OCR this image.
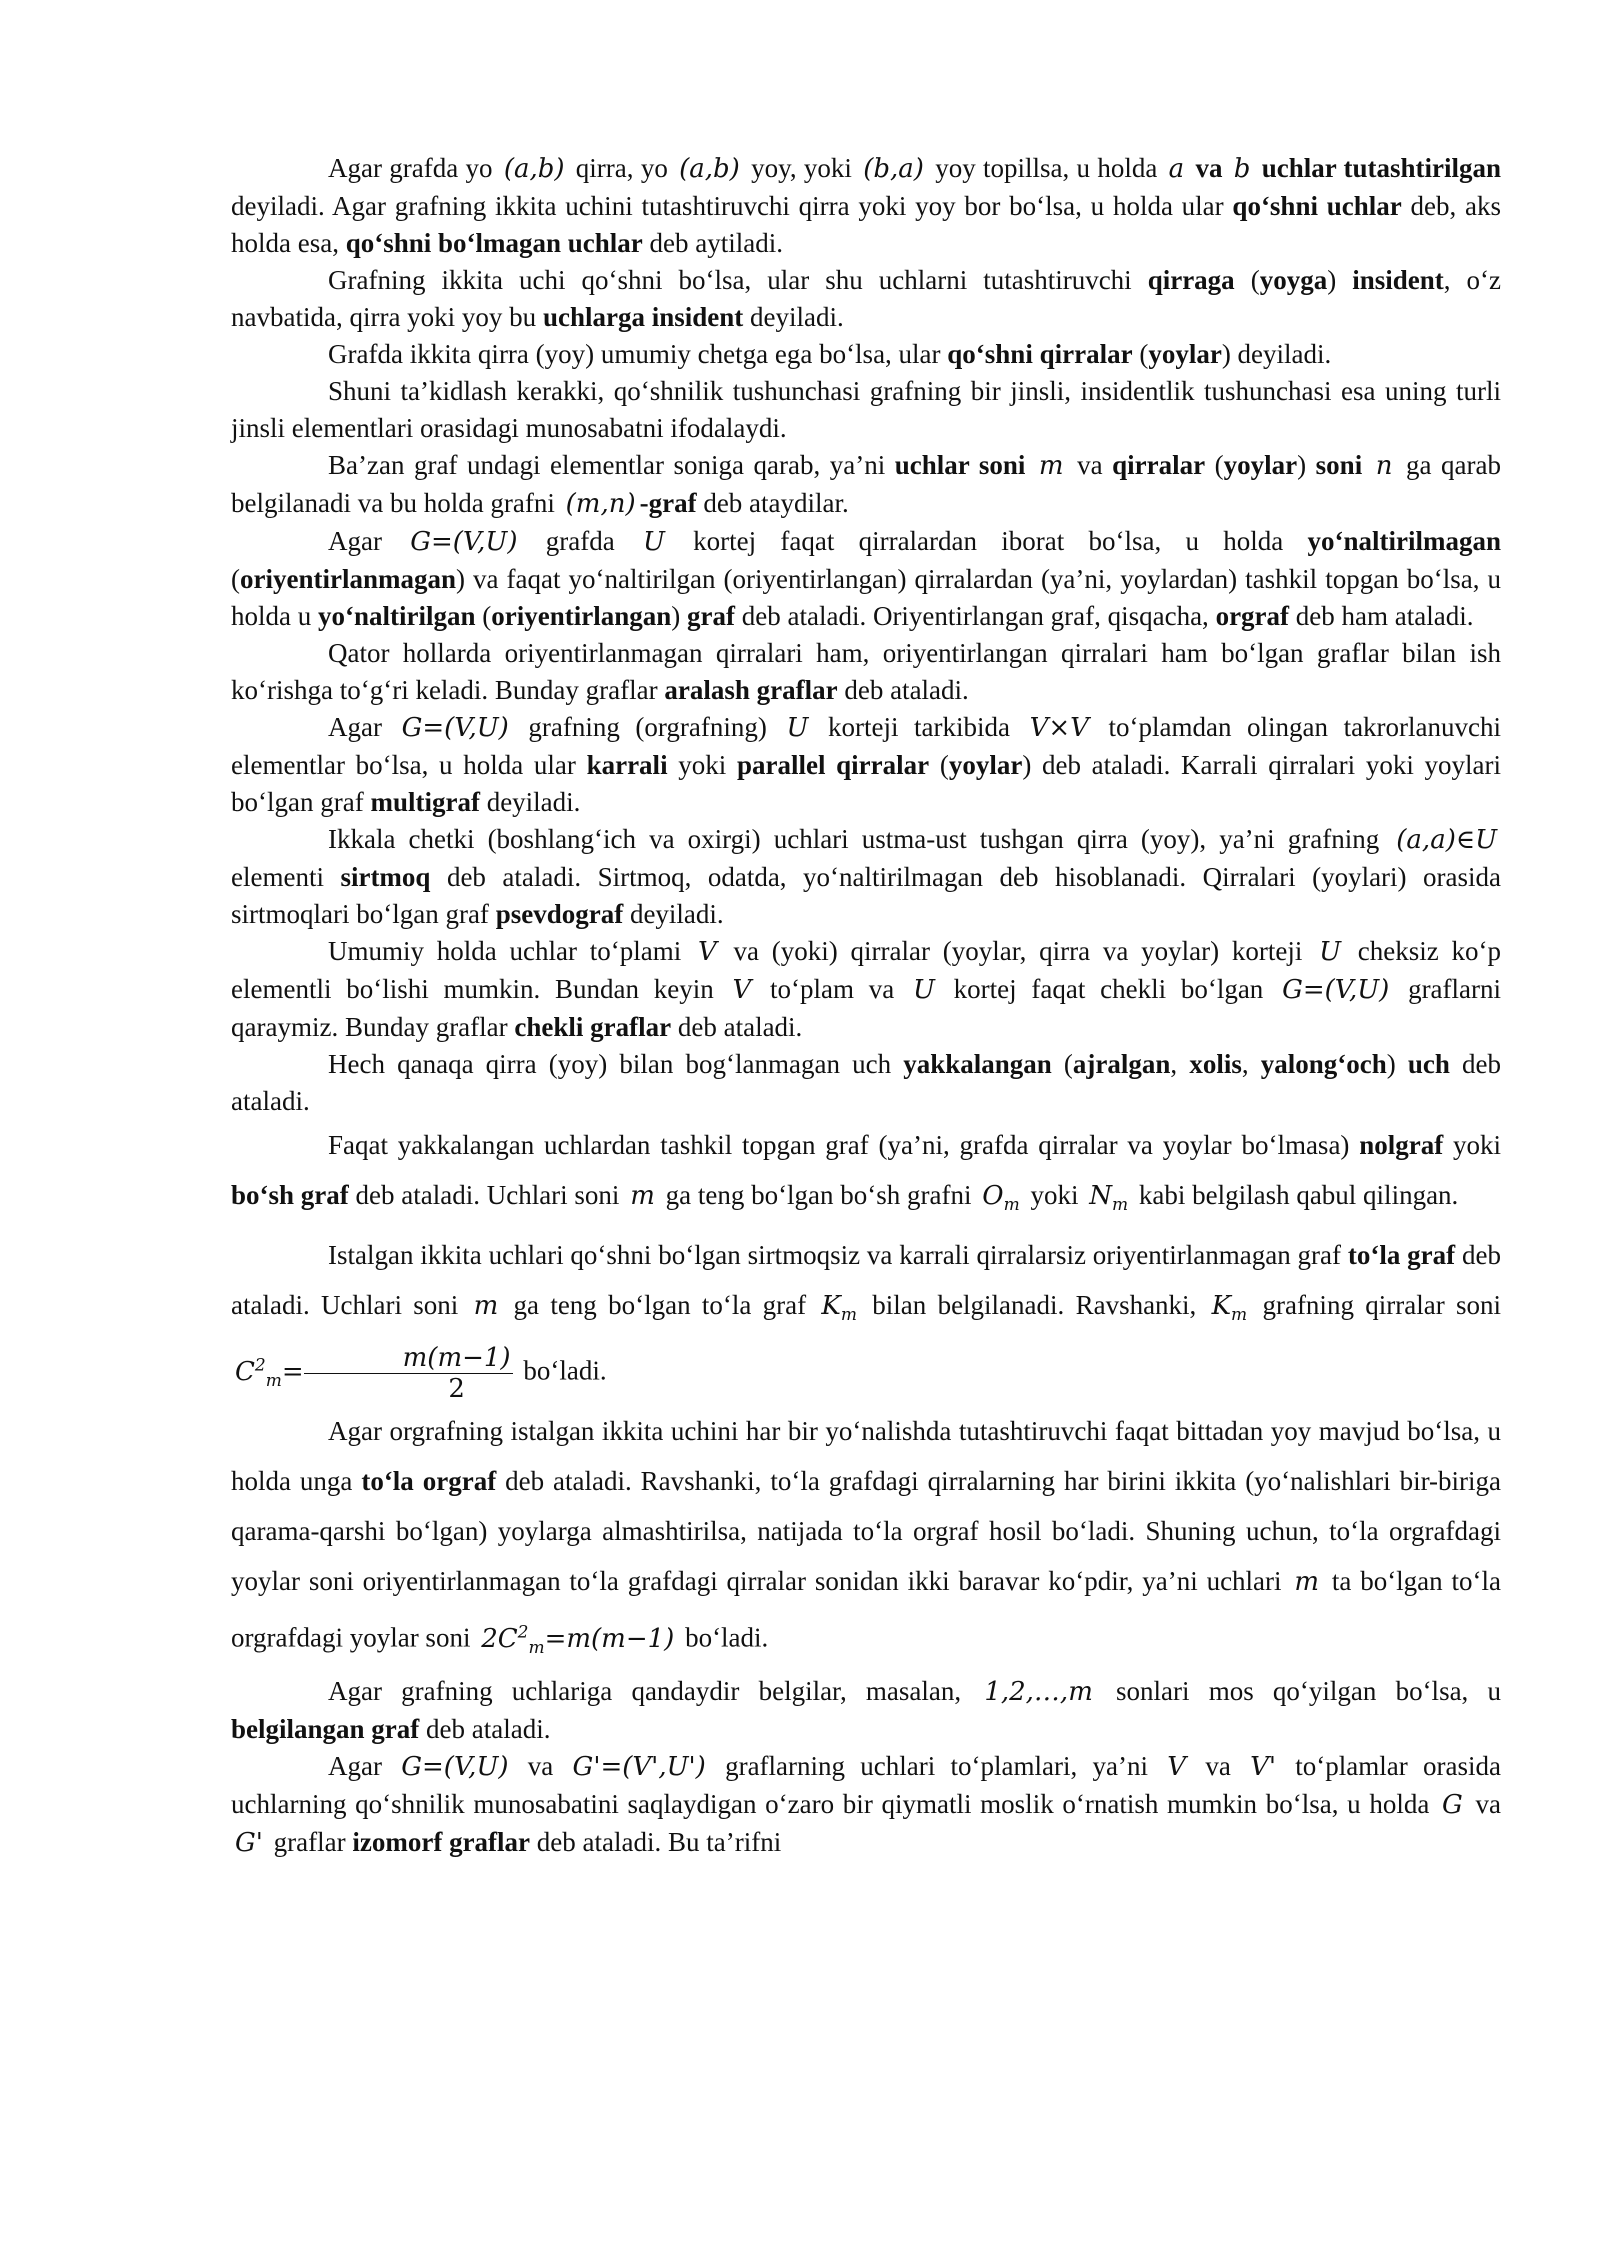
Agar grafda yo (a,b) qirra, yo (a,b) yoy, yoki (b,a) yoy topillsa, u holda a va b uchlar tutashtirilgan deyiladi. Agar grafning ikkita uchini tutashtiruvchi qirra yoki yoy bor bo‘lsa, u holda ular qo‘shni uchlar deb, aks holda esa, qo‘shni bo‘lmagan uchlar deb aytiladi.

Grafning ikkita uchi qo‘shni bo‘lsa, ular shu uchlarni tutashtiruvchi qirraga (yoyga) insident, o‘z navbatida, qirra yoki yoy bu uchlarga insident deyiladi.

Grafda ikkita qirra (yoy) umumiy chetga ega bo‘lsa, ular qo‘shni qirralar (yoylar) deyiladi.

Shuni ta’kidlash kerakki, qo‘shnilik tushunchasi grafning bir jinsli, insidentlik tushunchasi esa uning turli jinsli elementlari orasidagi munosabatni ifodalaydi.

Ba’zan graf undagi elementlar soniga qarab, ya’ni uchlar soni m va qirralar (yoylar) soni n ga qarab belgilanadi va bu holda grafni (m,n) -graf deb ataydilar.

Agar G=(V,U) grafda U kortej faqat qirralardan iborat bo‘lsa, u holda yo‘naltirilmagan (oriyentirlanmagan) va faqat yo‘naltirilgan (oriyentirlangan) qirralardan (ya’ni, yoylardan) tashkil topgan bo‘lsa, u holda u yo‘naltirilgan (oriyentirlangan) graf deb ataladi. Oriyentirlangan graf, qisqacha, orgraf deb ham ataladi.

Qator hollarda oriyentirlanmagan qirralari ham, oriyentirlangan qirralari ham bo‘lgan graflar bilan ish ko‘rishga to‘g‘ri keladi. Bunday graflar aralash graflar deb ataladi.

Agar G=(V,U) grafning (orgrafning) U korteji tarkibida V×V to‘plamdan olingan takrorlanuvchi elementlar bo‘lsa, u holda ular karrali yoki parallel qirralar (yoylar) deb ataladi. Karrali qirralari yoki yoylari bo‘lgan graf multigraf deyiladi.

Ikkala chetki (boshlang‘ich va oxirgi) uchlari ustma-ust tushgan qirra (yoy), ya’ni grafning (a,a)∈U elementi sirtmoq deb ataladi. Sirtmoq, odatda, yo‘naltirilmagan deb hisoblanadi. Qirralari (yoylari) orasida sirtmoqlari bo‘lgan graf psevdograf deyiladi.

Umumiy holda uchlar to‘plami V va (yoki) qirralar (yoylar, qirra va yoylar) korteji U cheksiz ko‘p elementli bo‘lishi mumkin. Bundan keyin V to‘plam va U kortej faqat chekli bo‘lgan G=(V,U) graflarni qaraymiz. Bunday graflar chekli graflar deb ataladi.

Hech qanaqa qirra (yoy) bilan bog‘lanmagan uch yakkalangan (ajralgan, xolis, yalong‘och) uch deb ataladi.

Faqat yakkalangan uchlardan tashkil topgan graf (ya’ni, grafda qirralar va yoylar bo‘lmasa) nolgraf yoki bo‘sh graf deb ataladi. Uchlari soni m ga teng bo‘lgan bo‘sh grafni $O_m$ yoki $N_m$ kabi belgilash qabul qilingan.

Istalgan ikkita uchlari qo‘shni bo‘lgan sirtmoqsiz va karrali qirralarsiz oriyentirlanmagan graf to‘la graf deb ataladi. Uchlari soni m ga teng bo‘lgan to‘la graf $K_m$ bilan belgilanadi. Ravshanki, $K_m$ grafning qirralar soni $C^2_m= \frac{m(m-1)}{2}$ bo‘ladi.

Agar orgrafning istalgan ikkita uchini har bir yo‘nalishda tutashtiruvchi faqat bittadan yoy mavjud bo‘lsa, u holda unga to‘la orgraf deb ataladi. Ravshanki, to‘la grafdagi qirralarning har birini ikkita (yo‘nalishlari bir-biriga qarama-qarshi bo‘lgan) yoylarga almashtirilsa, natijada to‘la orgraf hosil bo‘ladi. Shuning uchun, to‘la orgrafdagi yoylar soni oriyentirlanmagan to‘la grafdagi qirralar sonidan ikki baravar ko‘pdir, ya’ni uchlari m ta bo‘lgan to‘la orgrafdagi yoylar soni $2C^2_m=m(m-1)$ bo‘ladi.

Agar grafning uchlariga qandaydir belgilar, masalan, 1,2,…,m sonlari mos qo‘yilgan bo‘lsa, u belgilangan graf deb ataladi.

Agar G=(V,U) va G'=(V',U') graflarning uchlari to‘plamlari, ya’ni V va V' to‘plamlar orasida uchlarning qo‘shnilik munosabatini saqlaydigan o‘zaro bir qiymatli moslik o‘rnatish mumkin bo‘lsa, u holda G va G' graflar izomorf graflar deb ataladi. Bu ta’rifni
